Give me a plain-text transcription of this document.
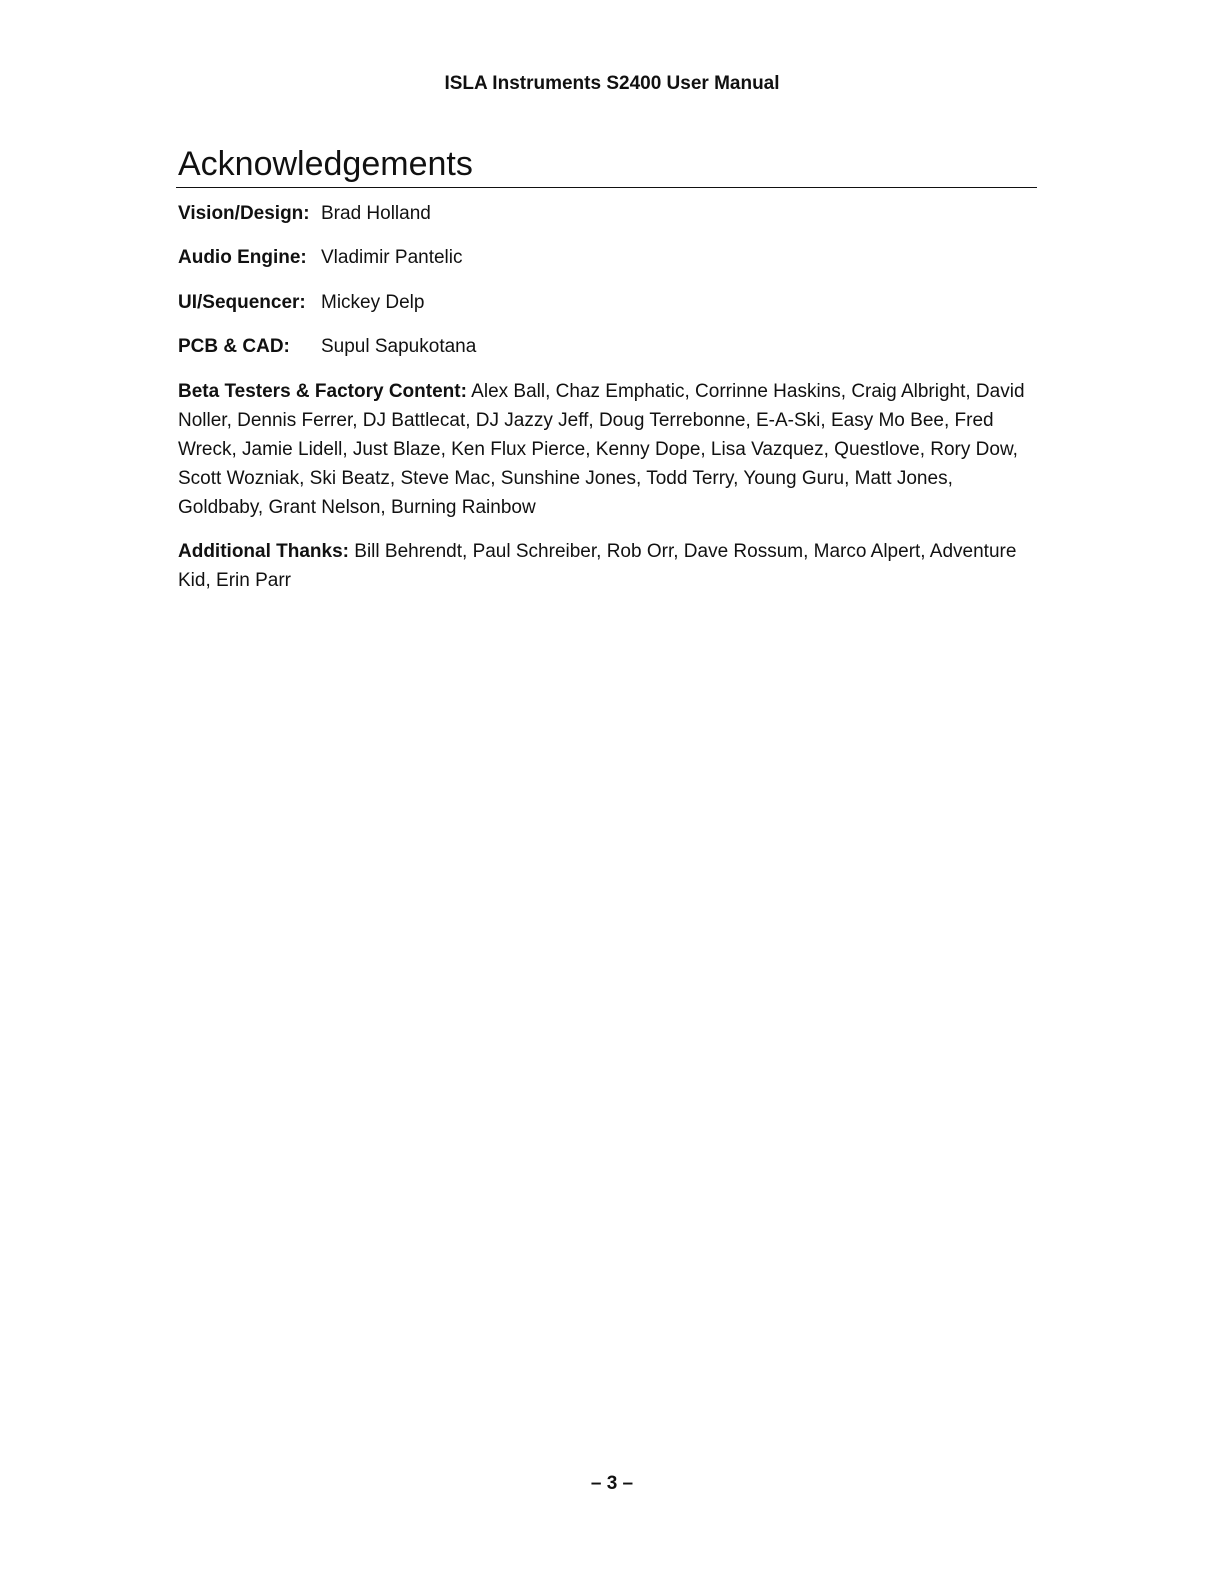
ISLA Instruments S2400 User Manual
Acknowledgements
Vision/Design: Brad Holland
Audio Engine: Vladimir Pantelic
UI/Sequencer: Mickey Delp
PCB & CAD: Supul Sapukotana

Beta Testers & Factory Content: Alex Ball, Chaz Emphatic, Corrinne Haskins, Craig Albright, David Noller, Dennis Ferrer, DJ Battlecat, DJ Jazzy Jeff, Doug Terrebonne, E-A-Ski, Easy Mo Bee, Fred Wreck, Jamie Lidell, Just Blaze, Ken Flux Pierce, Kenny Dope, Lisa Vazquez, Questlove, Rory Dow, Scott Wozniak, Ski Beatz, Steve Mac, Sunshine Jones, Todd Terry, Young Guru, Matt Jones, Goldbaby, Grant Nelson, Burning Rainbow

Additional Thanks: Bill Behrendt, Paul Schreiber, Rob Orr, Dave Rossum, Marco Alpert, Adventure Kid, Erin Parr

– 3 –
